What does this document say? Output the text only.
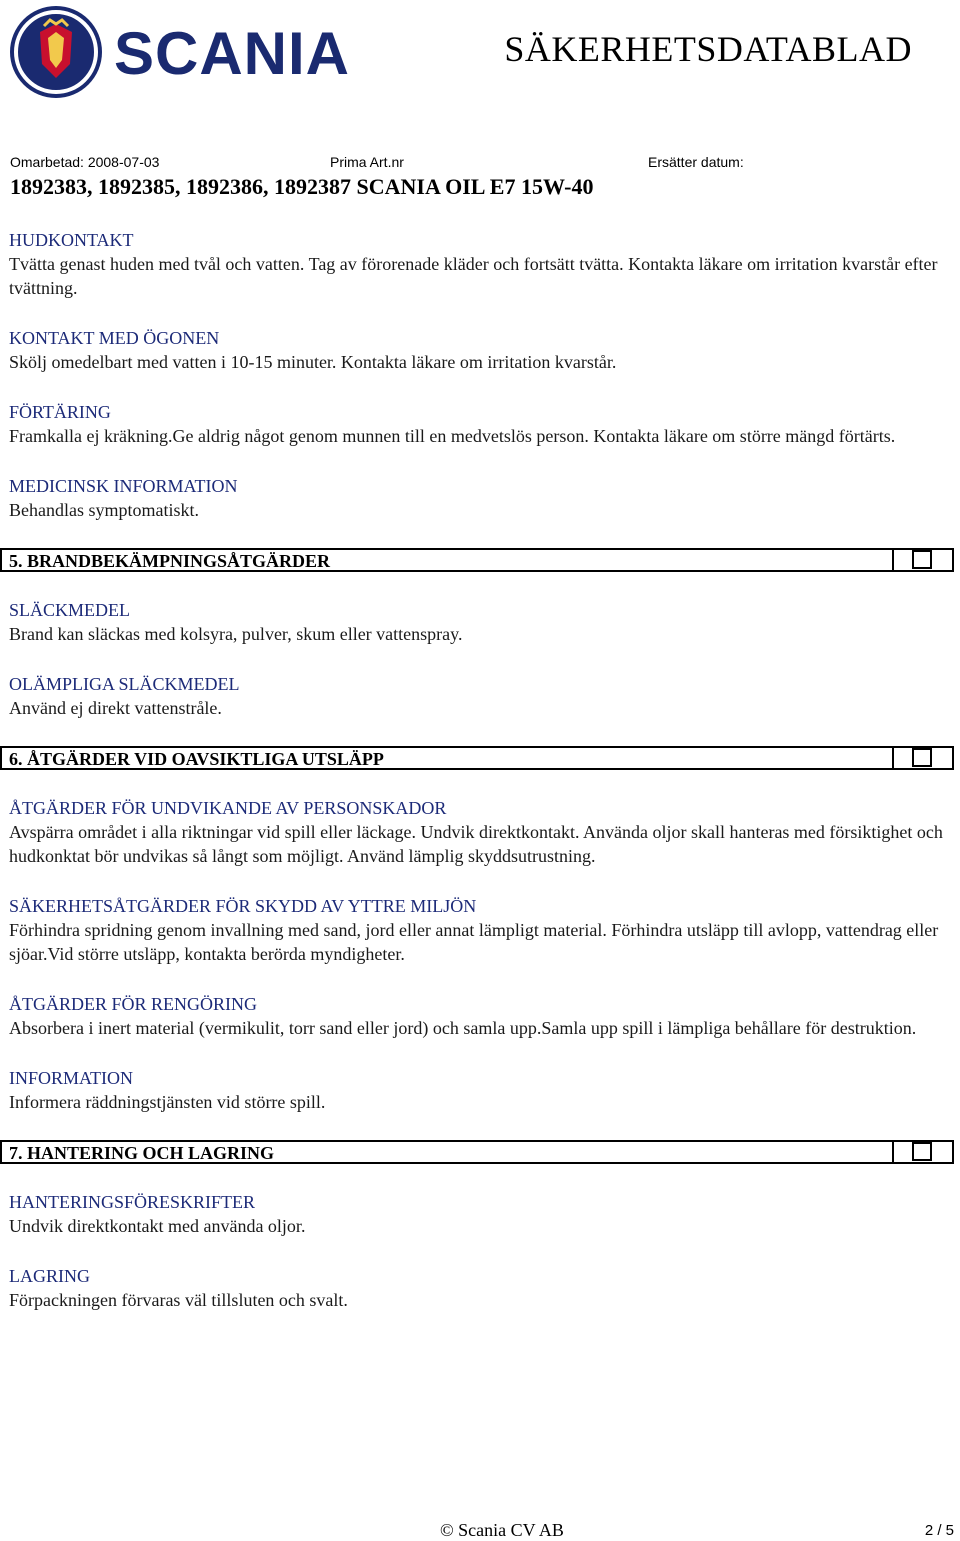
SCANIA	SÄKERHETSDATABLAD
Omarbetad: 2008-07-03	Prima Art.nr	Ersätter datum:
1892383, 1892385, 1892386, 1892387 SCANIA OIL E7 15W-40

HUDKONTAKT

Tvätta genast huden med tvål och vatten. Tag av förorenade kläder och fortsätt tvätta. Kontakta läkare om irritation kvarstår efter tvättning.

KONTAKT MED ÖGONEN

Skölj omedelbart med vatten i 10-15 minuter. Kontakta läkare om irritation kvarstår.

FÖRTÄRING

Framkalla ej kräkning.Ge aldrig något genom munnen till en medvetslös person. Kontakta läkare om större mängd förtärts.

MEDICINSK INFORMATION

Behandlas symptomatiskt.

5. BRANDBEKÄMPNINGSÅTGÄRDER

SLÄCKMEDEL

Brand kan släckas med kolsyra, pulver, skum eller vattenspray.

OLÄMPLIGA SLÄCKMEDEL

Använd ej direkt vattenstråle.

6. ÅTGÄRDER VID OAVSIKTLIGA UTSLÄPP

ÅTGÄRDER FÖR UNDVIKANDE AV PERSONSKADOR

Avspärra området i alla riktningar vid spill eller läckage. Undvik direktkontakt. Använda oljor skall hanteras med försiktighet och hudkonktat bör undvikas så långt som möjligt. Använd lämplig skyddsutrustning.

SÄKERHETSÅTGÄRDER FÖR SKYDD AV YTTRE MILJÖN

Förhindra spridning genom invallning med sand, jord eller annat lämpligt material. Förhindra utsläpp till avlopp, vattendrag eller sjöar.Vid större utsläpp, kontakta berörda myndigheter.

ÅTGÄRDER FÖR RENGÖRING

Absorbera i inert material (vermikulit, torr sand eller jord) och samla upp.Samla upp spill i lämpliga behållare för destruktion.

INFORMATION

Informera räddningstjänsten vid större spill.

7. HANTERING OCH LAGRING

HANTERINGSFÖRESKRIFTER

Undvik direktkontakt med använda oljor.

LAGRING

Förpackningen förvaras väl tillsluten och svalt.

© Scania CV AB	2 / 5
